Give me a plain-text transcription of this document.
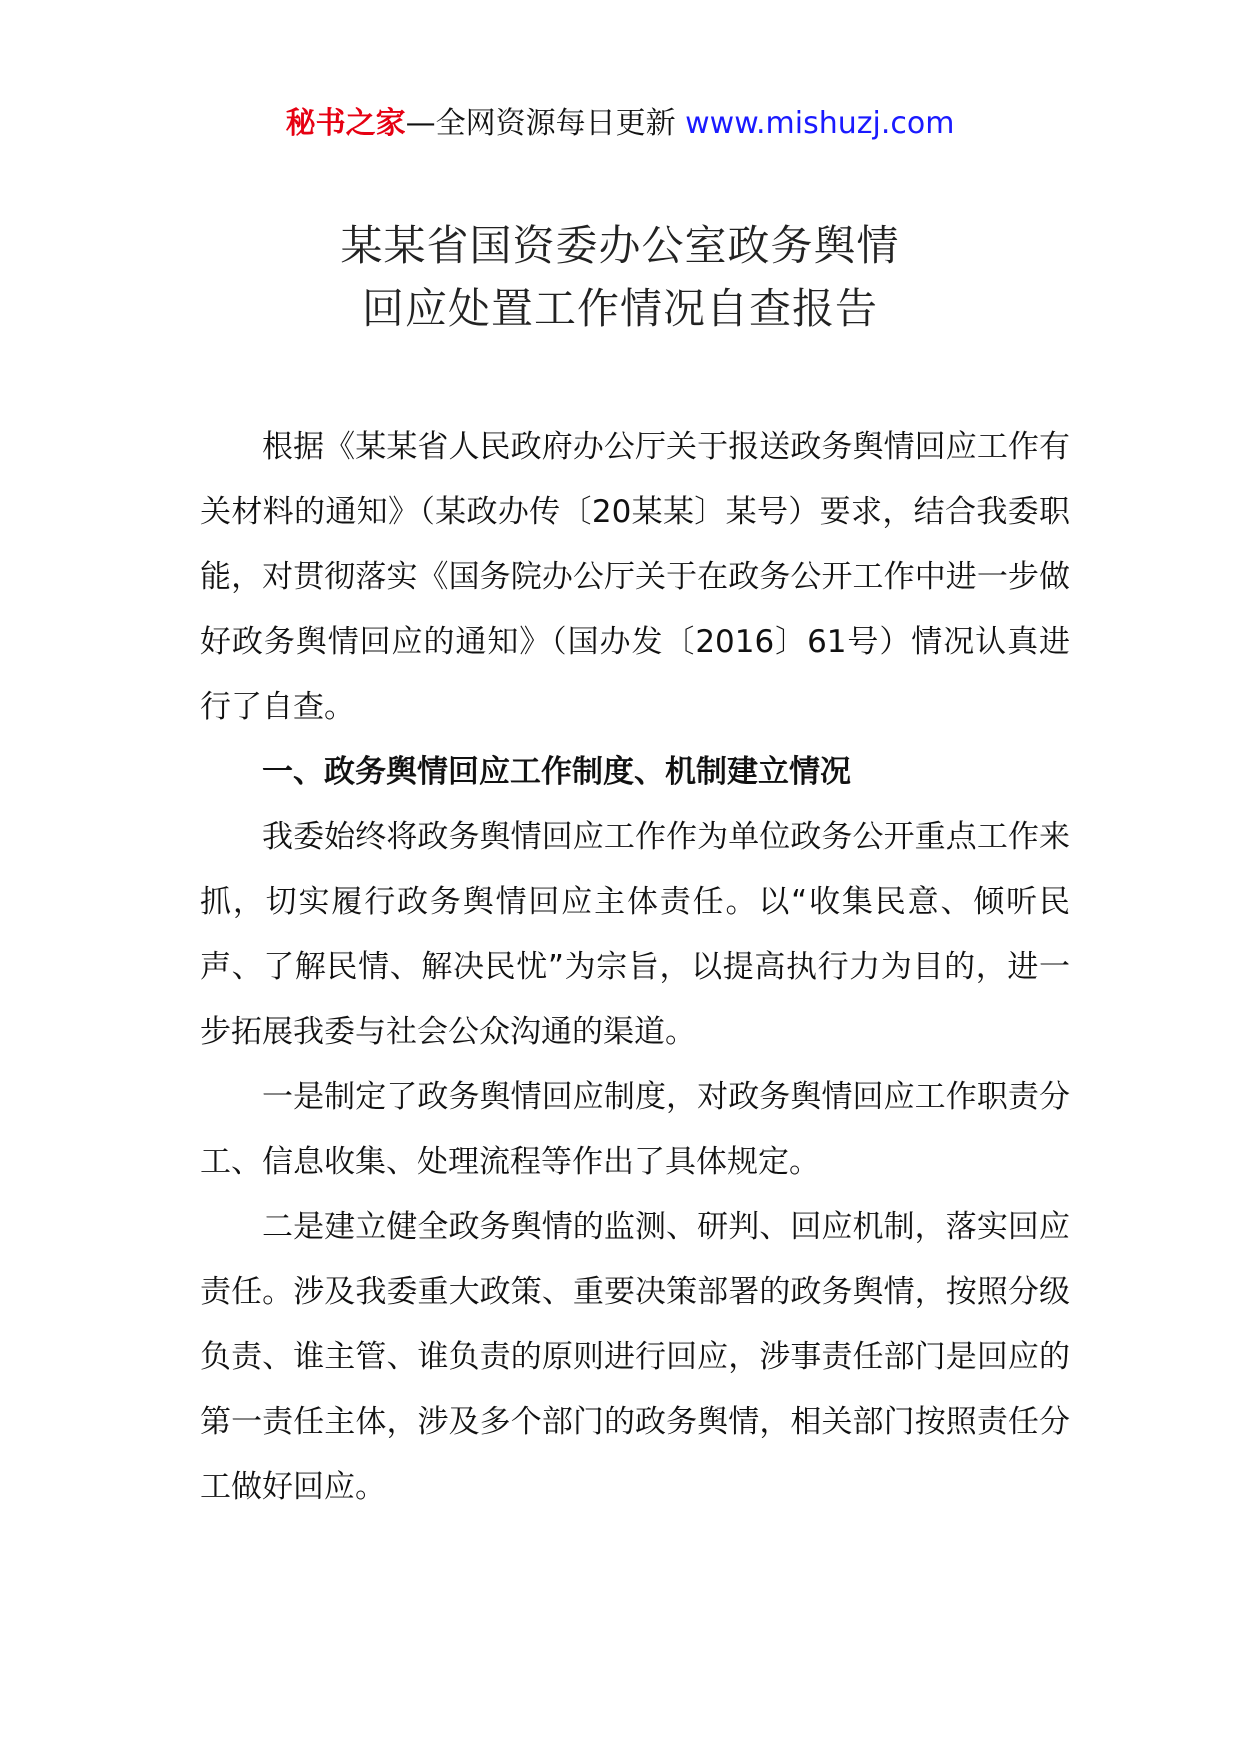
秘书之家—全网资源每日更新 www.mishuzj.com
某某省国资委办公室政务舆情
回应处置工作情况自查报告

根据《某某省人民政府办公厅关于报送政务舆情回应工作有关材料的通知》（某政办传〔20某某〕某号）要求，结合我委职能，对贯彻落实《国务院办公厅关于在政务公开工作中进一步做好政务舆情回应的通知》（国办发〔2016〕61号）情况认真进行了自查。

一、政务舆情回应工作制度、机制建立情况

我委始终将政务舆情回应工作作为单位政务公开重点工作来抓，切实履行政务舆情回应主体责任。以“收集民意、倾听民声、了解民情、解决民忧”为宗旨，以提高执行力为目的，进一步拓展我委与社会公众沟通的渠道。

一是制定了政务舆情回应制度，对政务舆情回应工作职责分工、信息收集、处理流程等作出了具体规定。

二是建立健全政务舆情的监测、研判、回应机制，落实回应责任。涉及我委重大政策、重要决策部署的政务舆情，按照分级负责、谁主管、谁负责的原则进行回应，涉事责任部门是回应的第一责任主体，涉及多个部门的政务舆情，相关部门按照责任分工做好回应。
